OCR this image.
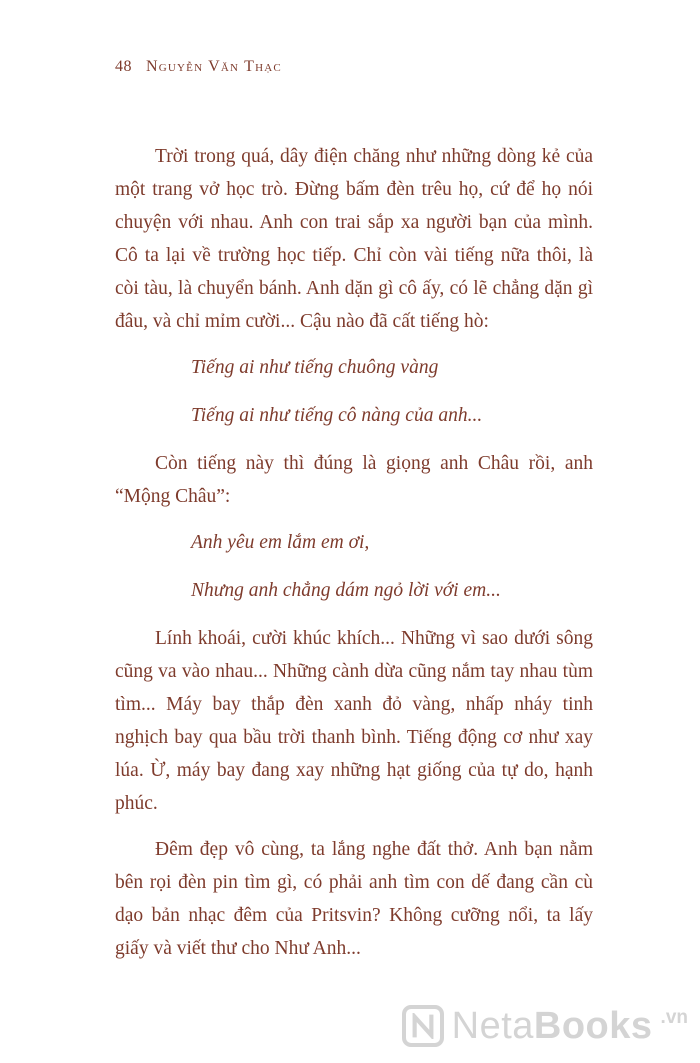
48 Nguyễn Văn Thạc

Trời trong quá, dây điện chăng như những dòng kẻ của một trang vở học trò. Đừng bấm đèn trêu họ, cứ để họ nói chuyện với nhau. Anh con trai sắp xa người bạn của mình. Cô ta lại về trường học tiếp. Chỉ còn vài tiếng nữa thôi, là còi tàu, là chuyển bánh. Anh dặn gì cô ấy, có lẽ chẳng dặn gì đâu, và chỉ mỉm cười... Cậu nào đã cất tiếng hò:

Tiếng ai như tiếng chuông vàng

Tiếng ai như tiếng cô nàng của anh...

Còn tiếng này thì đúng là giọng anh Châu rồi, anh “Mộng Châu”:

Anh yêu em lắm em ơi,

Nhưng anh chẳng dám ngỏ lời với em...

Lính khoái, cười khúc khích... Những vì sao dưới sông cũng va vào nhau... Những cành dừa cũng nắm tay nhau tùm tìm... Máy bay thắp đèn xanh đỏ vàng, nhấp nháy tinh nghịch bay qua bầu trời thanh bình. Tiếng động cơ như xay lúa. Ừ, máy bay đang xay những hạt giống của tự do, hạnh phúc.

Đêm đẹp vô cùng, ta lắng nghe đất thở. Anh bạn nằm bên rọi đèn pin tìm gì, có phải anh tìm con dế đang cần cù dạo bản nhạc đêm của Pritsvin? Không cưỡng nổi, ta lấy giấy và viết thư cho Như Anh...

NetaBooks .vn
